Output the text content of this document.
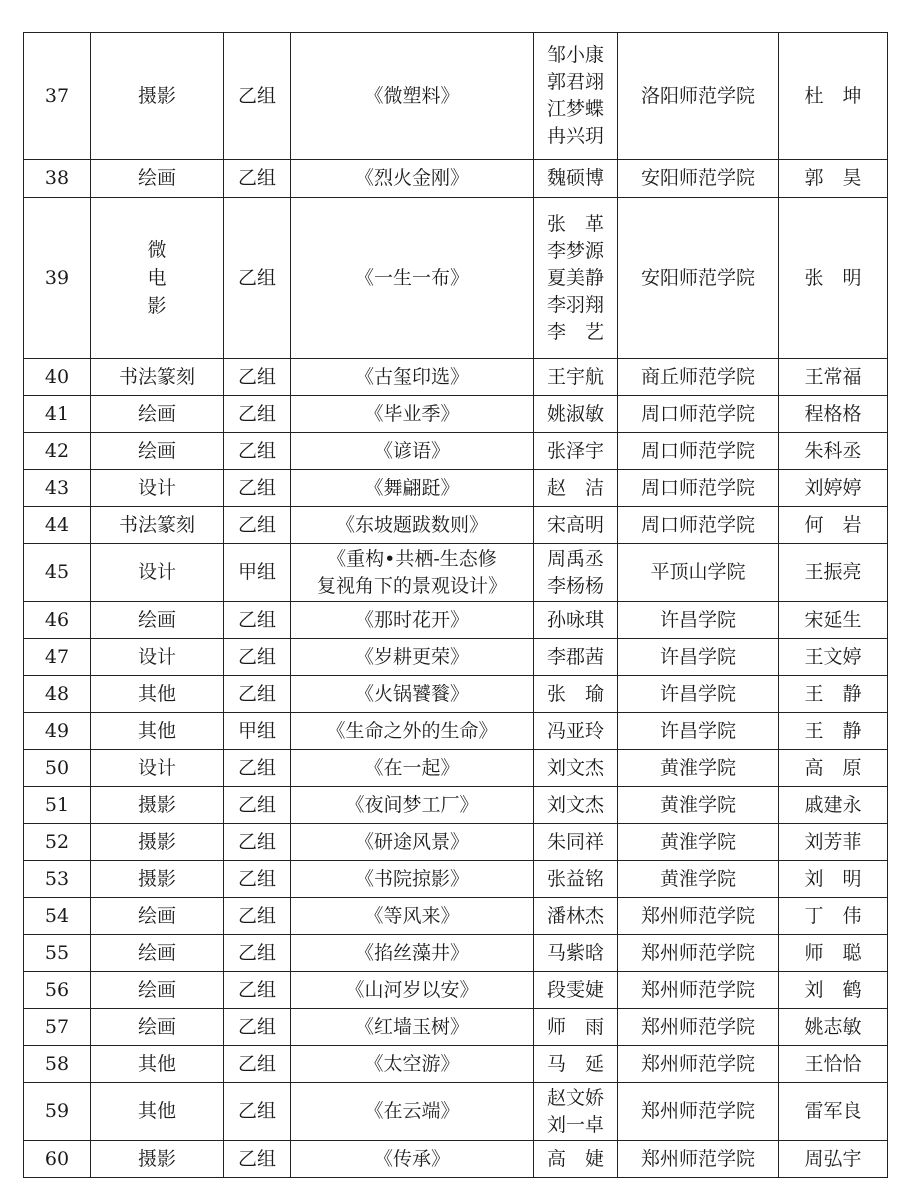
37	摄影	乙组	《微塑料》	邹小康
郭君翊
江梦蝶
冉兴玥	洛阳师范学院	杜　坤
38	绘画	乙组	《烈火金刚》	魏硕博	安阳师范学院	郭　昊
39	微
电
影	乙组	《一生一布》	张　革
李梦源
夏美静
李羽翔
李　艺	安阳师范学院	张　明
40	书法篆刻	乙组	《古玺印选》	王宇航	商丘师范学院	王常福
41	绘画	乙组	《毕业季》	姚淑敏	周口师范学院	程格格
42	绘画	乙组	《谚语》	张泽宇	周口师范学院	朱科丞
43	设计	乙组	《舞翩跹》	赵　洁	周口师范学院	刘婷婷
44	书法篆刻	乙组	《东坡题跋数则》	宋高明	周口师范学院	何　岩
45	设计	甲组	《重构•共栖-生态修
复视角下的景观设计》	周禹丞
李杨杨	平顶山学院	王振亮
46	绘画	乙组	《那时花开》	孙咏琪	许昌学院	宋延生
47	设计	乙组	《岁耕更荣》	李郡茜	许昌学院	王文婷
48	其他	乙组	《火锅饕餮》	张　瑜	许昌学院	王　静
49	其他	甲组	《生命之外的生命》	冯亚玲	许昌学院	王　静
50	设计	乙组	《在一起》	刘文杰	黄淮学院	高　原
51	摄影	乙组	《夜间梦工厂》	刘文杰	黄淮学院	戚建永
52	摄影	乙组	《研途风景》	朱同祥	黄淮学院	刘芳菲
53	摄影	乙组	《书院掠影》	张益铭	黄淮学院	刘　明
54	绘画	乙组	《等风来》	潘林杰	郑州师范学院	丁　伟
55	绘画	乙组	《掐丝藻井》	马紫晗	郑州师范学院	师　聪
56	绘画	乙组	《山河岁以安》	段雯婕	郑州师范学院	刘　鹤
57	绘画	乙组	《红墙玉树》	师　雨	郑州师范学院	姚志敏
58	其他	乙组	《太空游》	马　延	郑州师范学院	王恰恰
59	其他	乙组	《在云端》	赵文娇
刘一卓	郑州师范学院	雷军良
60	摄影	乙组	《传承》	高　婕	郑州师范学院	周弘宇
